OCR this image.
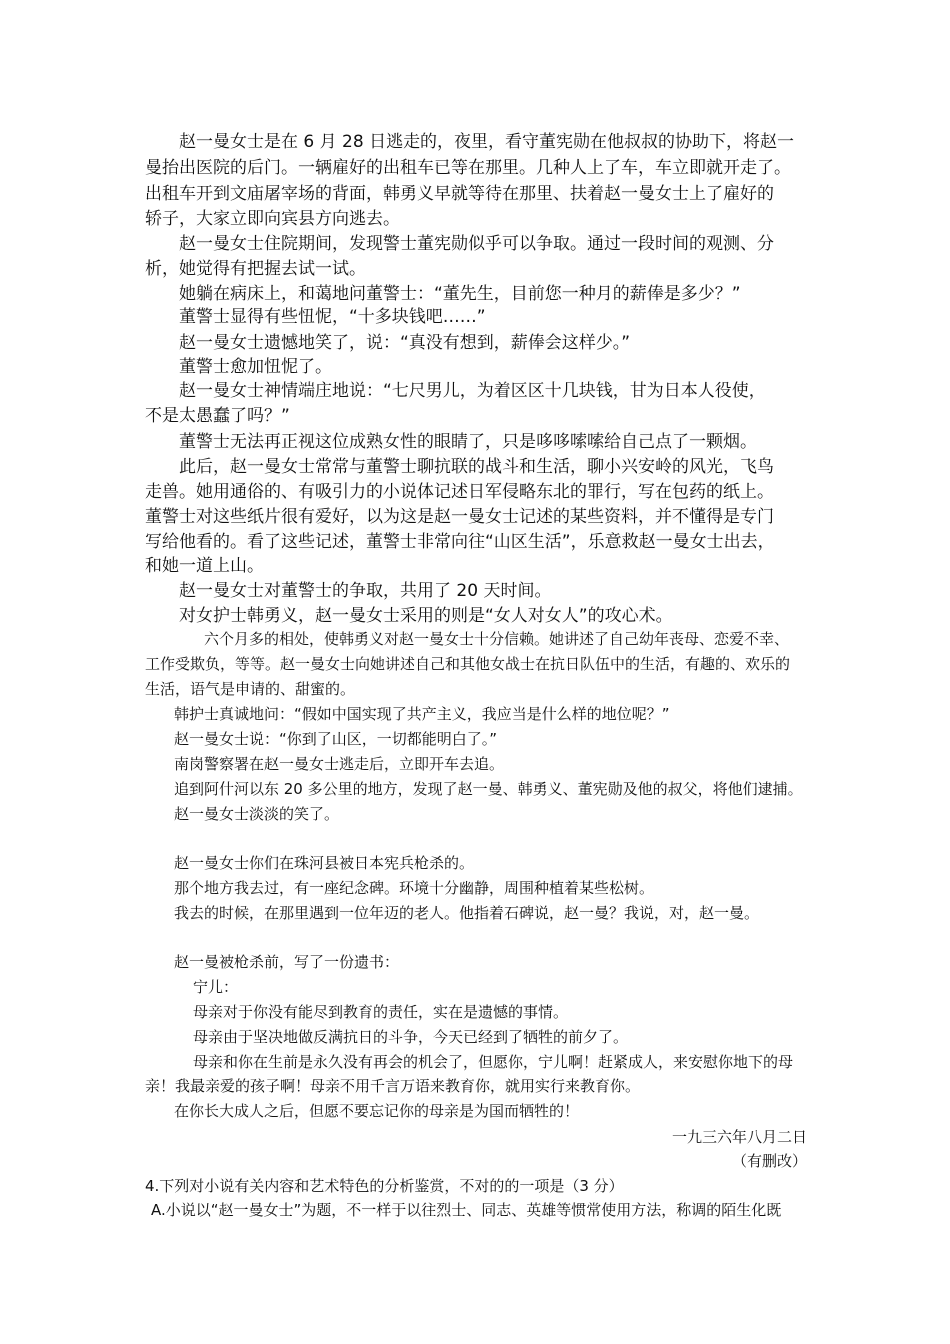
赵一曼女士是在 6 月 28 日逃走的，夜里，看守董宪勋在他叔叔的协助下，将赵一

曼抬出医院的后门。一辆雇好的出租车已等在那里。几种人上了车，车立即就开走了。

出租车开到文庙屠宰场的背面，韩勇义早就等待在那里、扶着赵一曼女士上了雇好的

轿子，大家立即向宾县方向逃去。

赵一曼女士住院期间，发现警士董宪勋似乎可以争取。通过一段时间的观测、分

析，她觉得有把握去试一试。

她躺在病床上，和蔼地问董警士：“董先生，目前您一种月的薪俸是多少？”

董警士显得有些忸怩，“十多块钱吧……”

赵一曼女士遗憾地笑了，说：“真没有想到，薪俸会这样少。”

董警士愈加忸怩了。

赵一曼女士神情端庄地说：“七尺男儿，为着区区十几块钱，甘为日本人役使，

不是太愚蠢了吗？”

董警士无法再正视这位成熟女性的眼睛了，只是哆哆嗦嗦给自己点了一颗烟。

此后，赵一曼女士常常与董警士聊抗联的战斗和生活，聊小兴安岭的风光，飞鸟

走兽。她用通俗的、有吸引力的小说体记述日军侵略东北的罪行，写在包药的纸上。

董警士对这些纸片很有爱好，以为这是赵一曼女士记述的某些资料，并不懂得是专门

写给他看的。看了这些记述，董警士非常向往“山区生活”，乐意救赵一曼女士出去，

和她一道上山。

赵一曼女士对董警士的争取，共用了 20 天时间。

对女护士韩勇义，赵一曼女士采用的则是“女人对女人”的攻心术。

六个月多的相处，使韩勇义对赵一曼女士十分信赖。她讲述了自己幼年丧母、恋爱不幸、

工作受欺负，等等。赵一曼女士向她讲述自己和其他女战士在抗日队伍中的生活，有趣的、欢乐的

生活，语气是申请的、甜蜜的。

韩护士真诚地问：“假如中国实现了共产主义，我应当是什么样的地位呢？”

赵一曼女士说：“你到了山区，一切都能明白了。”

南岗警察署在赵一曼女士逃走后，立即开车去追。

追到阿什河以东 20 多公里的地方，发现了赵一曼、韩勇义、董宪勋及他的叔父，将他们逮捕。

赵一曼女士淡淡的笑了。

赵一曼女士你们在珠河县被日本宪兵枪杀的。

那个地方我去过，有一座纪念碑。环境十分幽静，周围种植着某些松树。

我去的时候，在那里遇到一位年迈的老人。他指着石碑说，赵一曼？我说，对，赵一曼。

赵一曼被枪杀前，写了一份遗书：

宁儿：

母亲对于你没有能尽到教育的责任，实在是遗憾的事情。

母亲由于坚决地做反满抗日的斗争，今天已经到了牺牲的前夕了。

母亲和你在生前是永久没有再会的机会了，但愿你，宁儿啊！赶紧成人，来安慰你地下的母

亲！我最亲爱的孩子啊！母亲不用千言万语来教育你，就用实行来教育你。

在你长大成人之后，但愿不要忘记你的母亲是为国而牺牲的！

一九三六年八月二日

（有删改）

4.下列对小说有关内容和艺术特色的分析鉴赏，不对的的一项是（3 分）

A.小说以“赵一曼女士”为题，不一样于以往烈士、同志、英雄等惯常使用方法，称调的陌生化既
